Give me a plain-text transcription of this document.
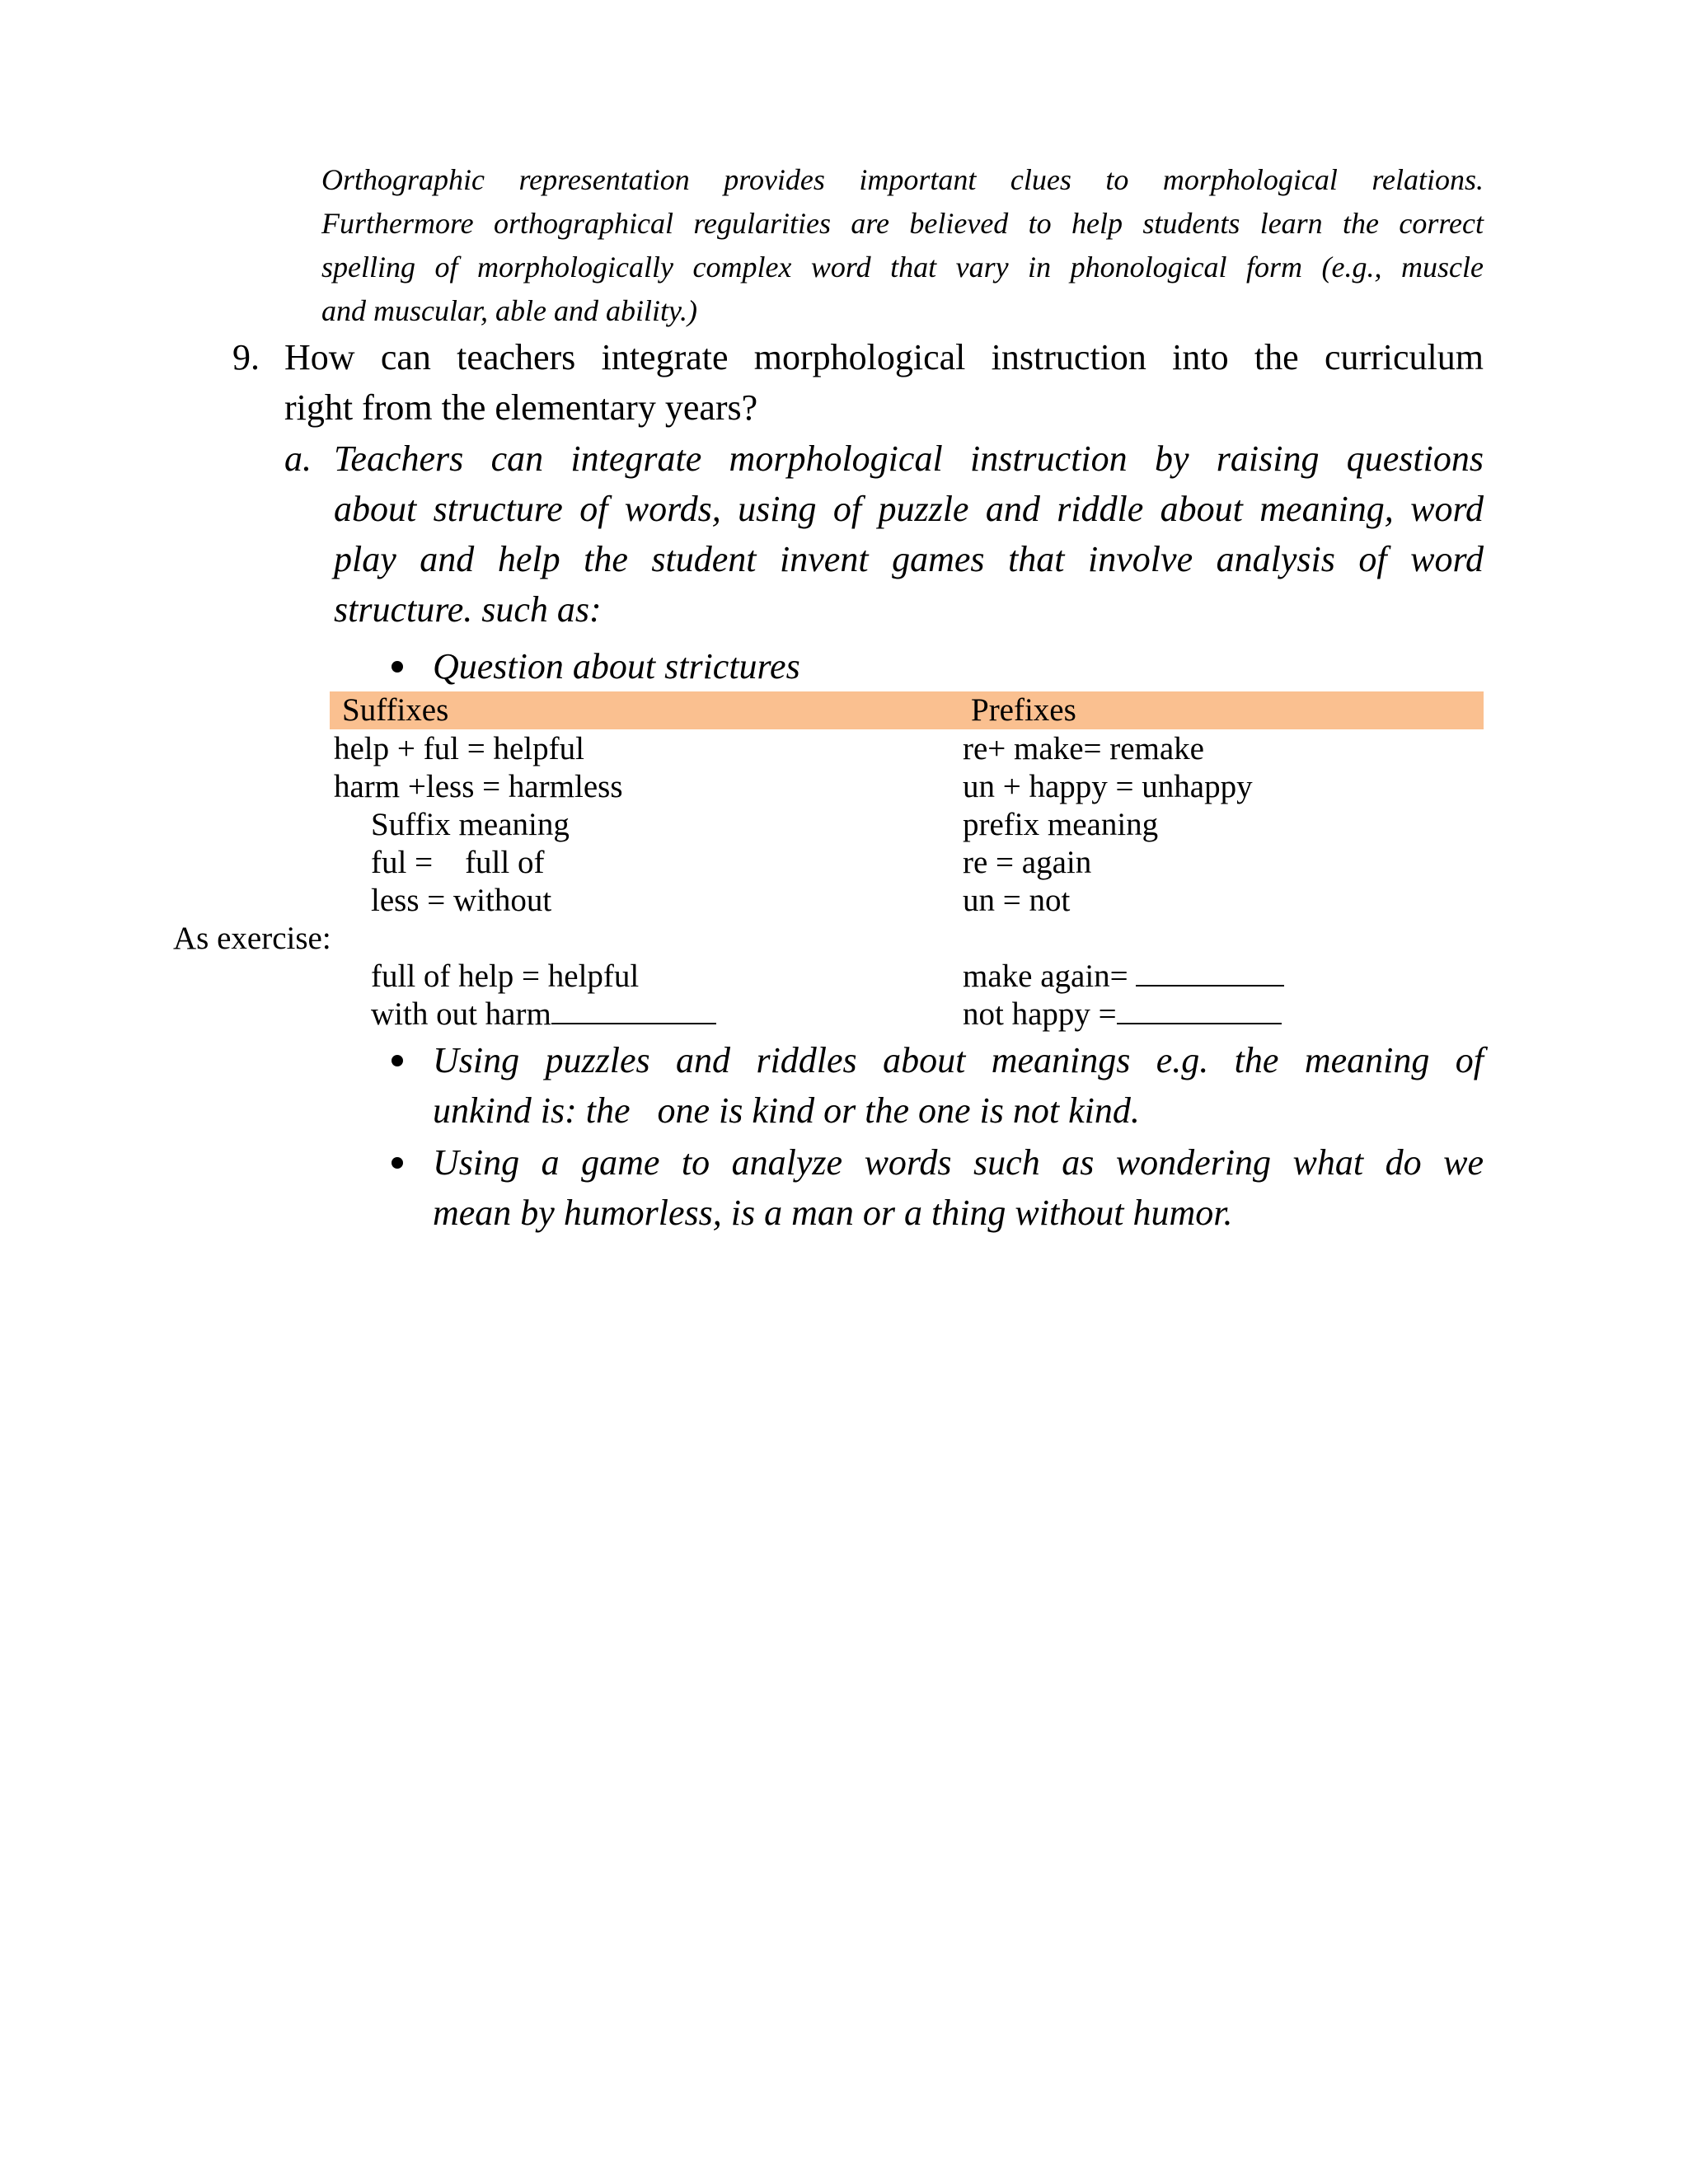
Orthographic representation provides important clues to morphological relations.
Furthermore orthographical regularities are believed to help students learn the correct
spelling of morphologically complex word that vary in phonological form (e.g., muscle
and muscular, able and ability.)
9. How can teachers integrate morphological instruction into the curriculum
right from the elementary years?
a. Teachers can integrate morphological instruction by raising questions
about structure of words, using of puzzle and riddle about meaning, word
play and help the student invent games that involve analysis of word
structure. such as:
Question about strictures
Suffixes	Prefixes
help + ful = helpful
harm +less = harmless
re+ make= remake
un + happy = unhappy
Suffix meaning
ful =    full of
less = without
prefix meaning
re = again
un = not
As exercise:
full of help = helpful
with out harm
make again=
not happy =
Using puzzles and riddles about meanings e.g. the meaning of
unkind is: the   one is kind or the one is not kind.
Using a game to analyze words such as wondering what do we
mean by humorless, is a man or a thing without humor.
